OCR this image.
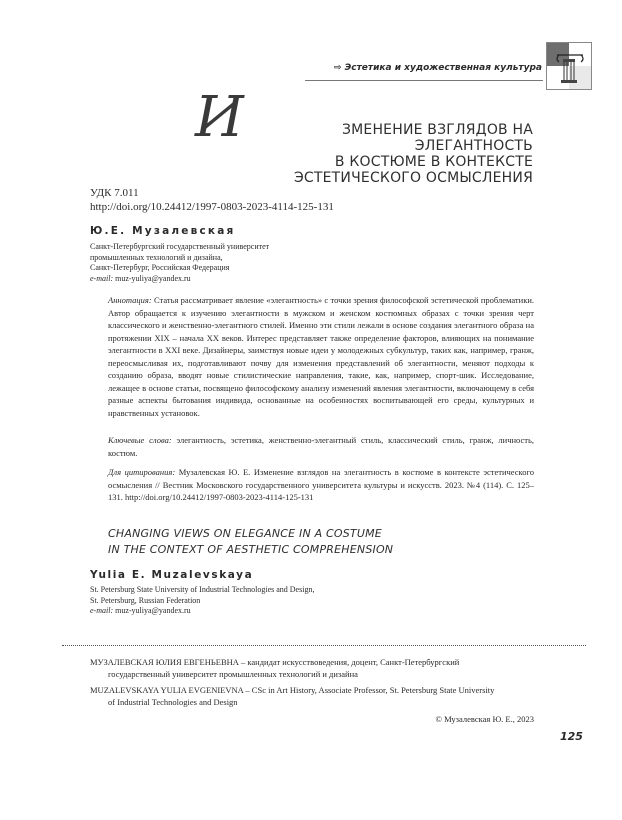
⇨ Эстетика и художественная культура
И	ЗМЕНЕНИЕ ВЗГЛЯДОВ НА ЭЛЕГАНТНОСТЬ
В КОСТЮМЕ В КОНТЕКСТЕ
ЭСТЕТИЧЕСКОГО ОСМЫСЛЕНИЯ
УДК 7.011
http://doi.org/10.24412/1997-0803-2023-4114-125-131
Ю.Е. Музалевская
Санкт-Петербургский государственный университет
промышленных технологий и дизайна,
Санкт-Петербург, Российская Федерация
e-mail: muz-yuliya@yandex.ru
Аннотация: Статья рассматривает явление «элегантность» с точки зрения философской эстетической проблематики. Автор обращается к изучению элегантности в мужском и женском костюмных образах с точки зрения черт классического и женственно-элегантного стилей. Именно эти стили лежали в основе создания элегантного образа на протяжении XIX – начала XX веков. Интерес представляет также определение факторов, влияющих на понимание элегантности в XXI веке. Дизайнеры, заимствуя новые идеи у молодежных субкультур, таких как, например, гранж, переосмысливая их, подготавливают почву для изменения представлений об элегантности, меняют подходы к созданию образа, вводят новые стилистические направления, такие, как, например, спорт-шик. Исследование, лежащее в основе статьи, посвящено философскому анализу изменений явления элегантности, включающему в себя разные аспекты бытования индивида, основанные на особенностях воспитывающей его среды, культурных и нравственных установок.
Ключевые слова: элегантность, эстетика, женственно-элегантный стиль, классический стиль, гранж, личность, костюм.
Для цитирования: Музалевская Ю. Е. Изменение взглядов на элегантность в костюме в контексте эстетического осмысления // Вестник Московского государственного университета культуры и искусств. 2023. №4 (114). С. 125–131. http://doi.org/10.24412/1997-0803-2023-4114-125-131
CHANGING VIEWS ON ELEGANCE IN A COSTUME
IN THE CONTEXT OF AESTHETIC COMPREHENSION
Yulia E. Muzalevskaya
St. Petersburg State University of Industrial Technologies and Design,
St. Petersburg, Russian Federation
e-mail: muz-yuliya@yandex.ru
МУЗАЛЕВСКАЯ ЮЛИЯ ЕВГЕНЬЕВНА – кандидат искусствоведения, доцент, Санкт-Петербургский
государственный университет промышленных технологий и дизайна
MUZALEVSKAYA YULIA EVGENIEVNA – CSc in Art History, Associate Professor, St. Petersburg State University
of Industrial Technologies and Design
© Музалевская Ю. Е., 2023
125
